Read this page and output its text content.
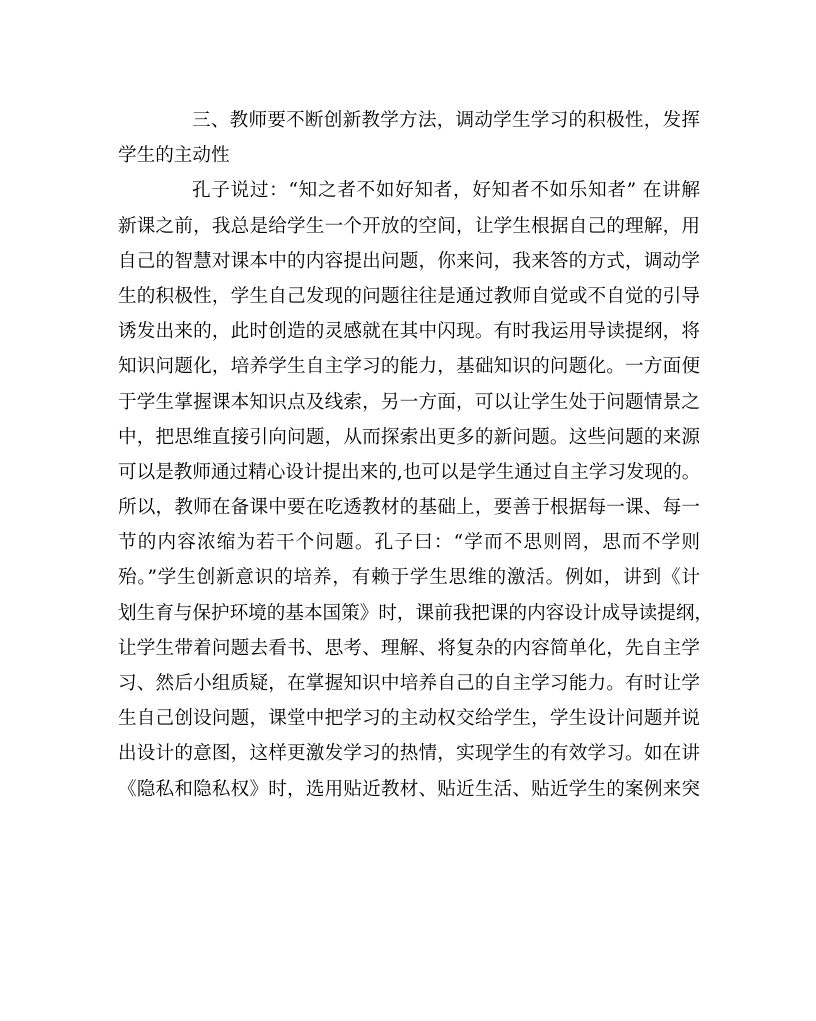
三、教师要不断创新教学方法，调动学生学习的积极性，发挥
学生的主动性
孔子说过：“知之者不如好知者，好知者不如乐知者” 在讲解
新课之前，我总是给学生一个开放的空间，让学生根据自己的理解，用
自己的智慧对课本中的内容提出问题，你来问，我来答的方式，调动学
生的积极性，学生自己发现的问题往往是通过教师自觉或不自觉的引导
诱发出来的，此时创造的灵感就在其中闪现。有时我运用导读提纲，将
知识问题化，培养学生自主学习的能力，基础知识的问题化。一方面便
于学生掌握课本知识点及线索，另一方面，可以让学生处于问题情景之
中，把思维直接引向问题，从而探索出更多的新问题。这些问题的来源
可以是教师通过精心设计提出来的,也可以是学生通过自主学习发现的。
所以，教师在备课中要在吃透教材的基础上，要善于根据每一课、每一
节的内容浓缩为若干个问题。孔子曰：“学而不思则罔，思而不学则
殆。”学生创新意识的培养，有赖于学生思维的激活。例如，讲到《计
划生育与保护环境的基本国策》时，课前我把课的内容设计成导读提纲，
让学生带着问题去看书、思考、理解、将复杂的内容简单化，先自主学
习、然后小组质疑，在掌握知识中培养自己的自主学习能力。有时让学
生自己创设问题，课堂中把学习的主动权交给学生，学生设计问题并说
出设计的意图，这样更激发学习的热情，实现学生的有效学习。如在讲
《隐私和隐私权》时，选用贴近教材、贴近生活、贴近学生的案例来突
